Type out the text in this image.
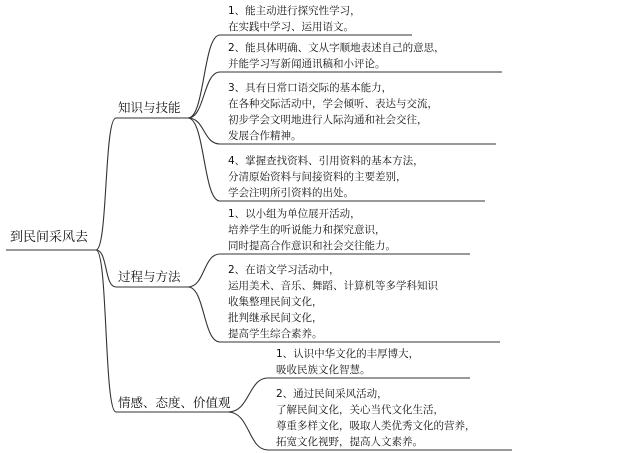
到民间采风去
知识与技能
过程与方法
情感、态度、价值观
1、能主动进行探究性学习，
在实践中学习、运用语文。
2、能具体明确、文从字顺地表述自己的意思，
并能学习写新闻通讯稿和小评论。
3、具有日常口语交际的基本能力，
在各种交际活动中，学会倾听、表达与交流，
初步学会文明地进行人际沟通和社会交往，
发展合作精神。
4、掌握查找资料、引用资料的基本方法，
分清原始资料与间接资料的主要差别，
学会注明所引资料的出处。
1、以小组为单位展开活动，
培养学生的听说能力和探究意识，
同时提高合作意识和社会交往能力。
2、在语文学习活动中，
运用美术、音乐、舞蹈、计算机等多学科知识
收集整理民间文化，
批判继承民间文化，
提高学生综合素养。
1、认识中华文化的丰厚博大，
吸收民族文化智慧。
2、通过民间采风活动，
了解民间文化，关心当代文化生活，
尊重多样文化，吸取人类优秀文化的营养，
拓宽文化视野，提高人文素养。
